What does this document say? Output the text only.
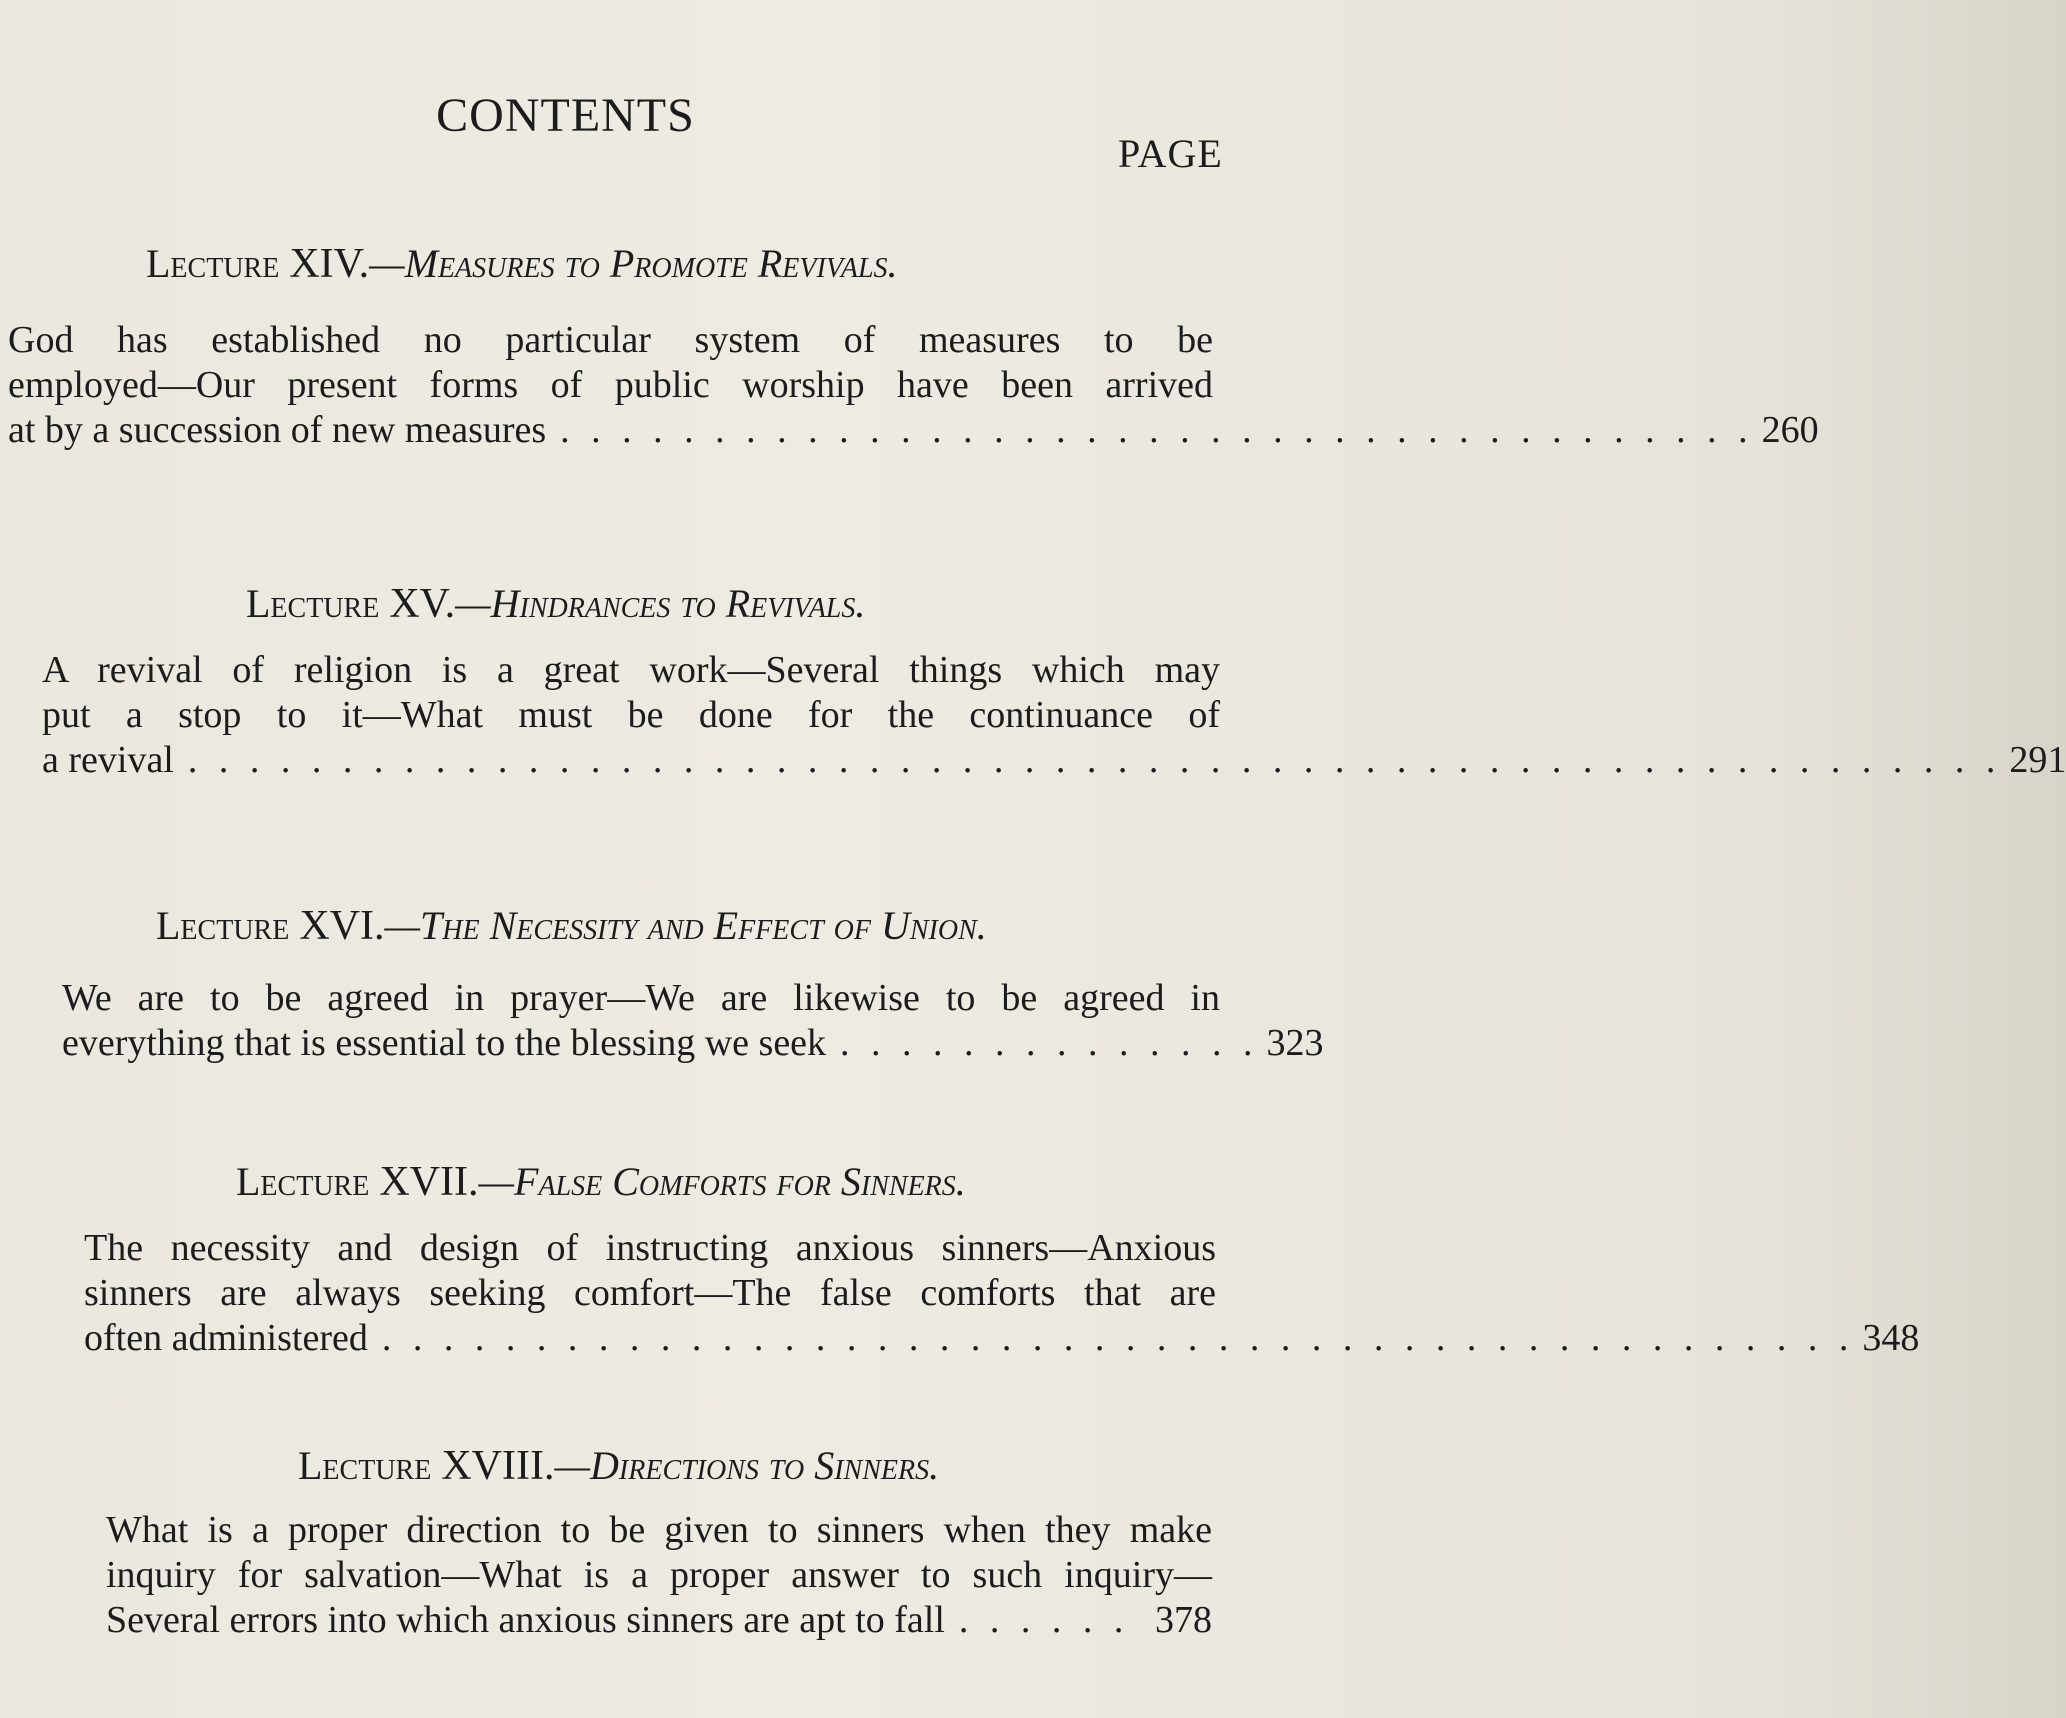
CONTENTS
PAGE
Lecture XIV.—Measures to Promote Revivals.
God has established no particular system of measures to be
employed—Our present forms of public worship have been arrived
at by a succession of new measures . . . . . . . . . . . . . . . . . . . . . . . . . . . . . . . . . . . . . . . 260
Lecture XV.—Hindrances to Revivals.
A revival of religion is a great work—Several things which may
put a stop to it—What must be done for the continuance of
a revival . . . . . . . . . . . . . . . . . . . . . . . . . . . . . . . . . . . . . . . . . . . . . . . . . . . . . . . . . . . 291
Lecture XVI.—The Necessity and Effect of Union.
We are to be agreed in prayer—We are likewise to be agreed in
everything that is essential to the blessing we seek . . . . . . . . . . . . . . 323
Lecture XVII.—False Comforts for Sinners.
The necessity and design of instructing anxious sinners—Anxious
sinners are always seeking comfort—The false comforts that are
often administered . . . . . . . . . . . . . . . . . . . . . . . . . . . . . . . . . . . . . . . . . . . . . . . . 348
Lecture XVIII.—Directions to Sinners.
What is a proper direction to be given to sinners when they make
inquiry for salvation—What is a proper answer to such inquiry—
Several errors into which anxious sinners are apt to fall . . . . . . 378
